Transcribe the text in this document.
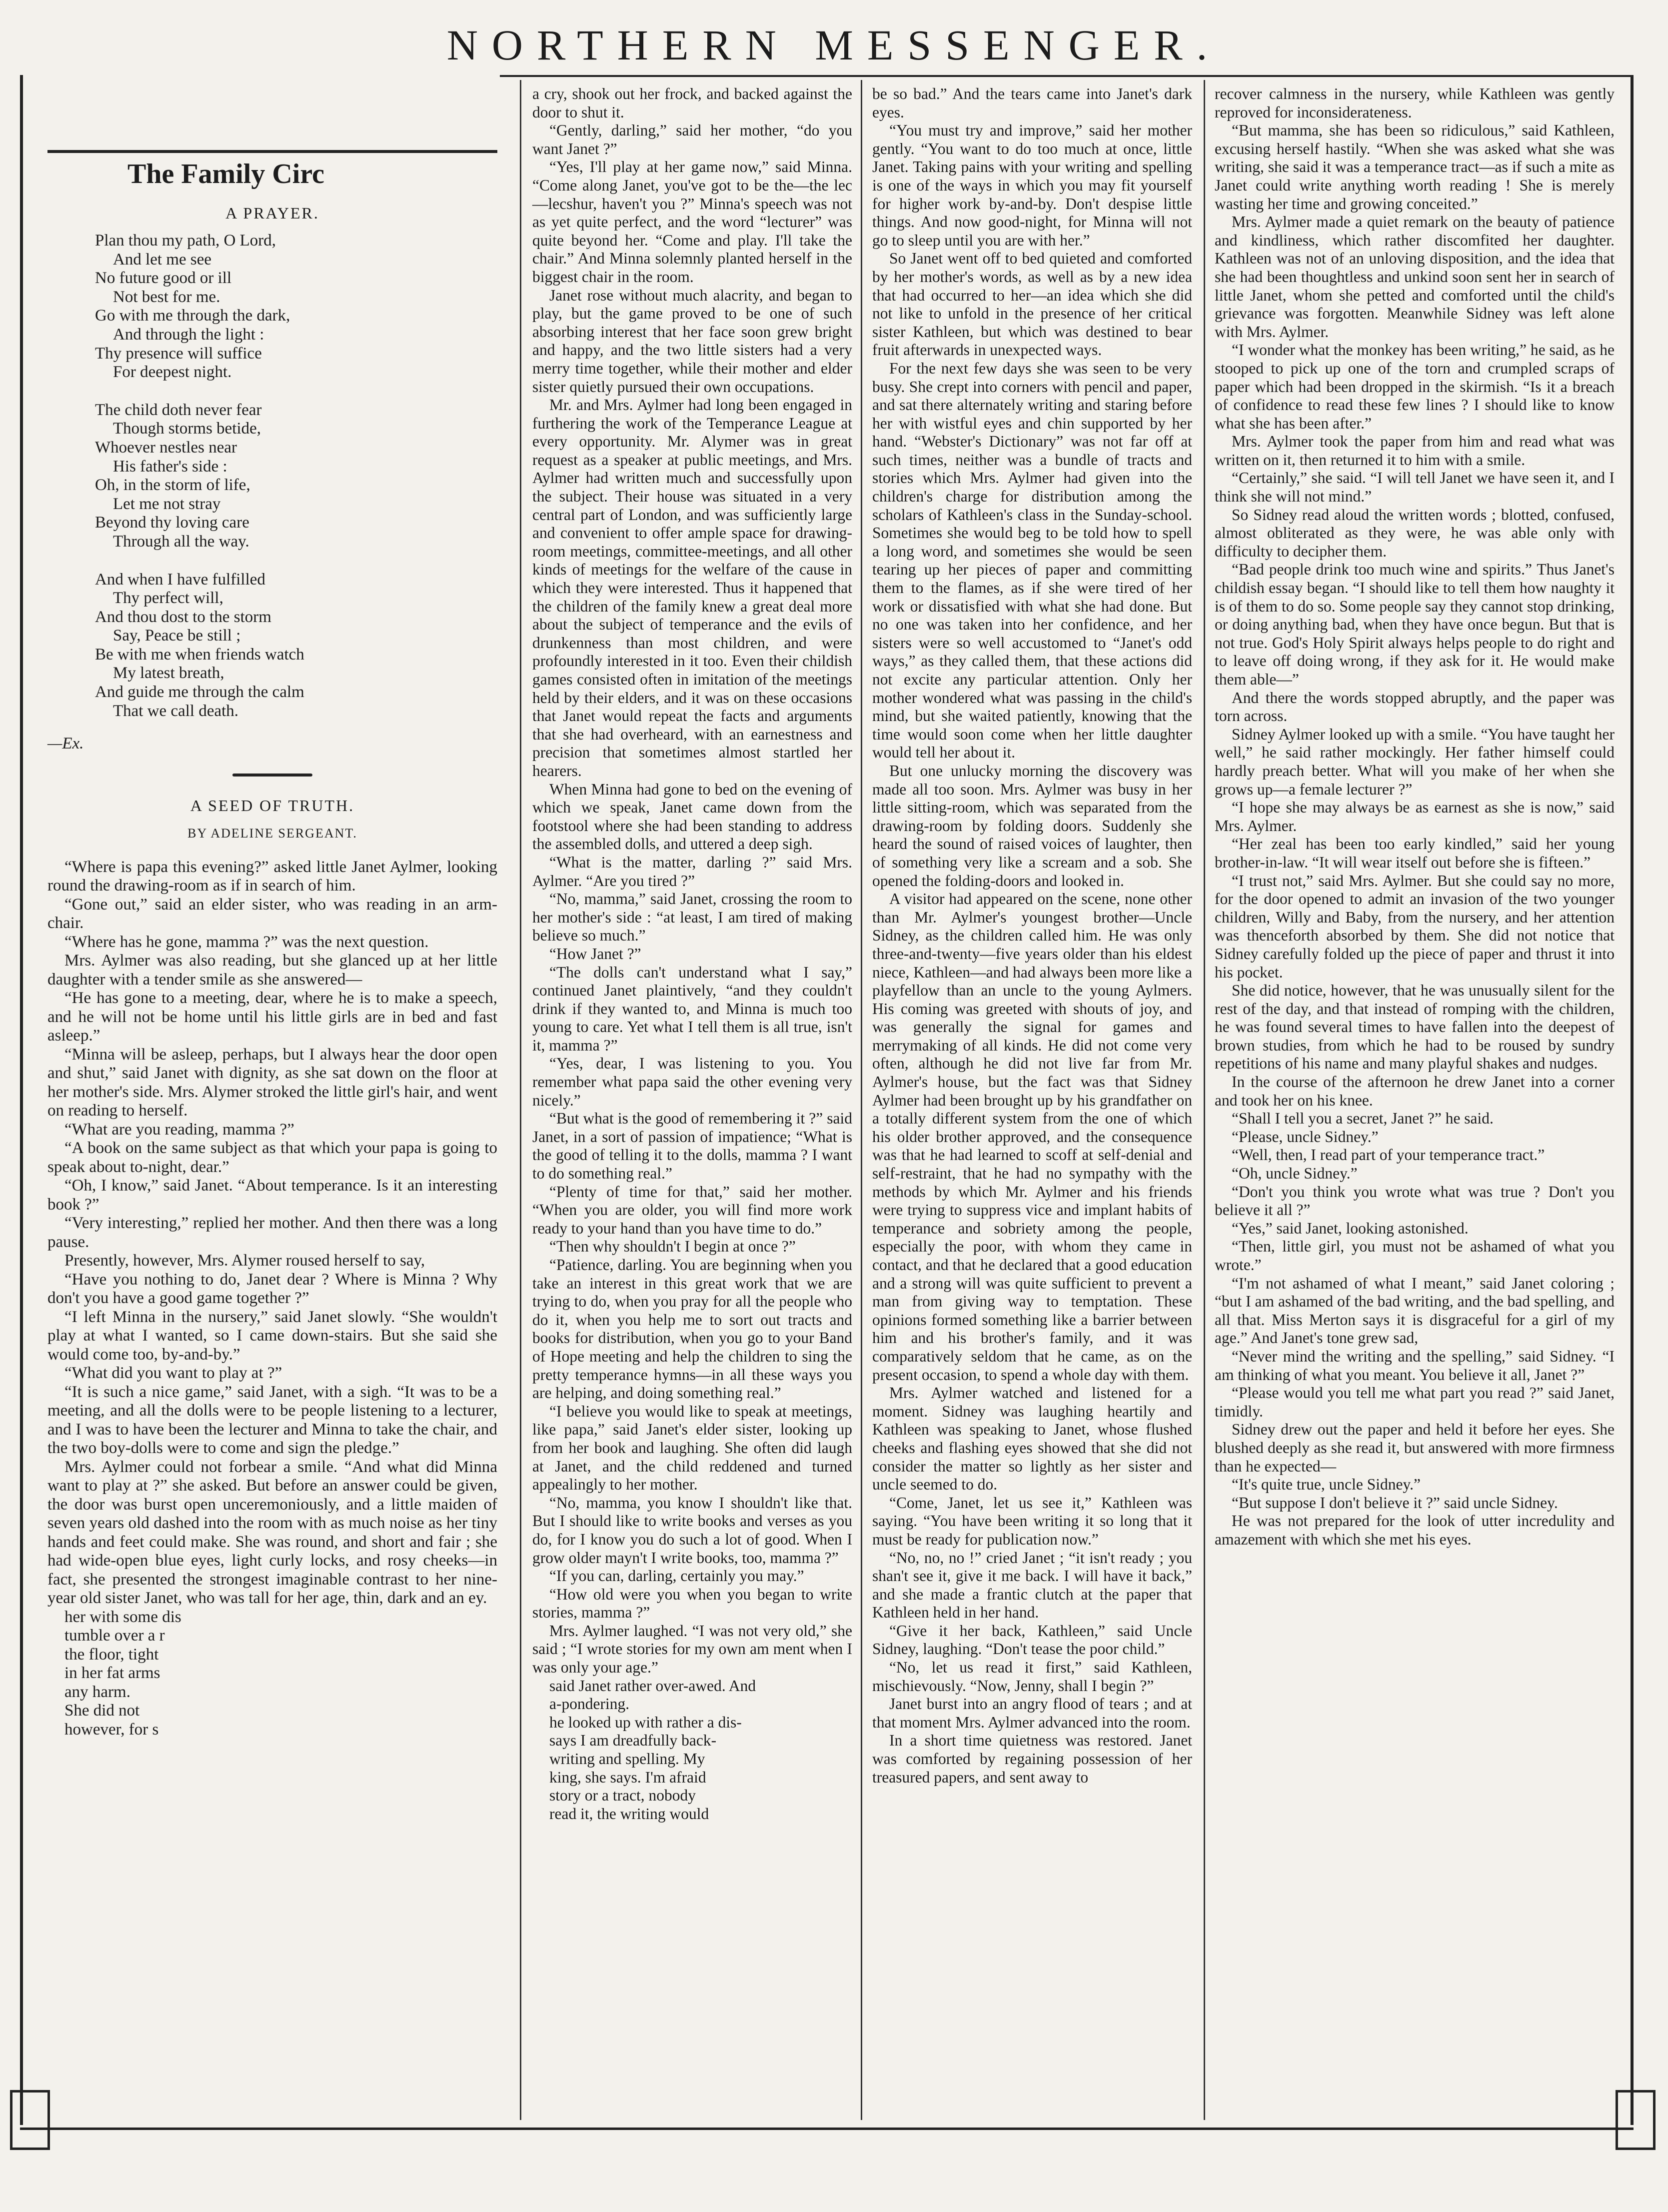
NORTHERN MESSENGER.
The Family Circ
A PRAYER.
Plan thou my path, O Lord,
And let me see
No future good or ill
Not best for me.
Go with me through the dark,
And through the light :
Thy presence will suffice
For deepest night.
The child doth never fear
Though storms betide,
Whoever nestles near
His father's side :
Oh, in the storm of life,
Let me not stray
Beyond thy loving care
Through all the way.
And when I have fulfilled
Thy perfect will,
And thou dost to the storm
Say, Peace be still ;
Be with me when friends watch
My latest breath,
And guide me through the calm
That we call death.
—Ex.
A SEED OF TRUTH.
BY ADELINE SERGEANT.

“Where is papa this evening?” asked little Janet Aylmer, looking round the drawing-room as if in search of him.

“Gone out,” said an elder sister, who was reading in an arm-chair.

“Where has he gone, mamma ?” was the next question.

Mrs. Aylmer was also reading, but she glanced up at her little daughter with a tender smile as she answered—

“He has gone to a meeting, dear, where he is to make a speech, and he will not be home until his little girls are in bed and fast asleep.”

“Minna will be asleep, perhaps, but I always hear the door open and shut,” said Janet with dignity, as she sat down on the floor at her mother's side. Mrs. Alymer stroked the little girl's hair, and went on reading to herself.

“What are you reading, mamma ?”

“A book on the same subject as that which your papa is going to speak about to-night, dear.”

“Oh, I know,” said Janet. “About temperance. Is it an interesting book ?”

“Very interesting,” replied her mother. And then there was a long pause.

Presently, however, Mrs. Alymer roused herself to say,

“Have you nothing to do, Janet dear ? Where is Minna ? Why don't you have a good game together ?”

“I left Minna in the nursery,” said Janet slowly. “She wouldn't play at what I wanted, so I came down-stairs. But she said she would come too, by-and-by.”

“What did you want to play at ?”

“It is such a nice game,” said Janet, with a sigh. “It was to be a meeting, and all the dolls were to be people listening to a lecturer, and I was to have been the lecturer and Minna to take the chair, and the two boy-dolls were to come and sign the pledge.”

Mrs. Aylmer could not forbear a smile. “And what did Minna want to play at ?” she asked. But before an answer could be given, the door was burst open unceremoniously, and a little maiden of seven years old dashed into the room with as much noise as her tiny hands and feet could make. She was round, and short and fair ; she had wide-open blue eyes, light curly locks, and rosy cheeks—in fact, she presented the strongest imaginable contrast to her nine-year old sister Janet, who was tall for her age, thin, dark and an ey.

her with some dis

tumble over a r

the floor, tight

in her fat arms

any harm.

She did not

however, for s

a cry, shook out her frock, and backed against the door to shut it.

“Gently, darling,” said her mother, “do you want Janet ?”

“Yes, I'll play at her game now,” said Minna. “Come along Janet, you've got to be the—the lec—lecshur, haven't you ?” Minna's speech was not as yet quite perfect, and the word “lecturer” was quite beyond her. “Come and play. I'll take the chair.” And Minna solemnly planted herself in the biggest chair in the room.

Janet rose without much alacrity, and began to play, but the game proved to be one of such absorbing interest that her face soon grew bright and happy, and the two little sisters had a very merry time together, while their mother and elder sister quietly pursued their own occupations.

Mr. and Mrs. Aylmer had long been engaged in furthering the work of the Temperance League at every opportunity. Mr. Alymer was in great request as a speaker at public meetings, and Mrs. Aylmer had written much and successfully upon the subject. Their house was situated in a very central part of London, and was sufficiently large and convenient to offer ample space for drawing-room meetings, committee-meetings, and all other kinds of meetings for the welfare of the cause in which they were interested. Thus it happened that the children of the family knew a great deal more about the subject of temperance and the evils of drunkenness than most children, and were profoundly interested in it too. Even their childish games consisted often in imitation of the meetings held by their elders, and it was on these occasions that Janet would repeat the facts and arguments that she had overheard, with an earnestness and precision that sometimes almost startled her hearers.

When Minna had gone to bed on the evening of which we speak, Janet came down from the footstool where she had been standing to address the assembled dolls, and uttered a deep sigh.

“What is the matter, darling ?” said Mrs. Aylmer. “Are you tired ?”

“No, mamma,” said Janet, crossing the room to her mother's side : “at least, I am tired of making believe so much.”

“How Janet ?”

“The dolls can't understand what I say,” continued Janet plaintively, “and they couldn't drink if they wanted to, and Minna is much too young to care. Yet what I tell them is all true, isn't it, mamma ?”

“Yes, dear, I was listening to you. You remember what papa said the other evening very nicely.”

“But what is the good of remembering it ?” said Janet, in a sort of passion of impatience; “What is the good of telling it to the dolls, mamma ? I want to do something real.”

“Plenty of time for that,” said her mother. “When you are older, you will find more work ready to your hand than you have time to do.”

“Then why shouldn't I begin at once ?”

“Patience, darling. You are beginning when you take an interest in this great work that we are trying to do, when you pray for all the people who do it, when you help me to sort out tracts and books for distribution, when you go to your Band of Hope meeting and help the children to sing the pretty temperance hymns—in all these ways you are helping, and doing something real.”

“I believe you would like to speak at meetings, like papa,” said Janet's elder sister, looking up from her book and laughing. She often did laugh at Janet, and the child reddened and turned appealingly to her mother.

“No, mamma, you know I shouldn't like that. But I should like to write books and verses as you do, for I know you do such a lot of good. When I grow older mayn't I write books, too, mamma ?”

“If you can, darling, certainly you may.”

“How old were you when you began to write stories, mamma ?”

Mrs. Aylmer laughed. “I was not very old,” she said ; “I wrote stories for my own am ment when I was only your age.”

said Janet rather over-awed. And

a-pondering.

he looked up with rather a dis-

says I am dreadfully back-

writing and spelling. My

king, she says. I'm afraid

story or a tract, nobody

read it, the writing would

be so bad.” And the tears came into Janet's dark eyes.

“You must try and improve,” said her mother gently. “You want to do too much at once, little Janet. Taking pains with your writing and spelling is one of the ways in which you may fit yourself for higher work by-and-by. Don't despise little things. And now good-night, for Minna will not go to sleep until you are with her.”

So Janet went off to bed quieted and comforted by her mother's words, as well as by a new idea that had occurred to her—an idea which she did not like to unfold in the presence of her critical sister Kathleen, but which was destined to bear fruit afterwards in unexpected ways.

For the next few days she was seen to be very busy. She crept into corners with pencil and paper, and sat there alternately writing and staring before her with wistful eyes and chin supported by her hand. “Webster's Dictionary” was not far off at such times, neither was a bundle of tracts and stories which Mrs. Aylmer had given into the children's charge for distribution among the scholars of Kathleen's class in the Sunday-school. Sometimes she would beg to be told how to spell a long word, and sometimes she would be seen tearing up her pieces of paper and committing them to the flames, as if she were tired of her work or dissatisfied with what she had done. But no one was taken into her confidence, and her sisters were so well accustomed to “Janet's odd ways,” as they called them, that these actions did not excite any particular attention. Only her mother wondered what was passing in the child's mind, but she waited patiently, knowing that the time would soon come when her little daughter would tell her about it.

But one unlucky morning the discovery was made all too soon. Mrs. Aylmer was busy in her little sitting-room, which was separated from the drawing-room by folding doors. Suddenly she heard the sound of raised voices of laughter, then of something very like a scream and a sob. She opened the folding-doors and looked in.

A visitor had appeared on the scene, none other than Mr. Aylmer's youngest brother—Uncle Sidney, as the children called him. He was only three-and-twenty—five years older than his eldest niece, Kathleen—and had always been more like a playfellow than an uncle to the young Aylmers. His coming was greeted with shouts of joy, and was generally the signal for games and merrymaking of all kinds. He did not come very often, although he did not live far from Mr. Aylmer's house, but the fact was that Sidney Aylmer had been brought up by his grandfather on a totally different system from the one of which his older brother approved, and the consequence was that he had learned to scoff at self-denial and self-restraint, that he had no sympathy with the methods by which Mr. Aylmer and his friends were trying to suppress vice and implant habits of temperance and sobriety among the people, especially the poor, with whom they came in contact, and that he declared that a good education and a strong will was quite sufficient to prevent a man from giving way to temptation. These opinions formed something like a barrier between him and his brother's family, and it was comparatively seldom that he came, as on the present occasion, to spend a whole day with them.

Mrs. Aylmer watched and listened for a moment. Sidney was laughing heartily and Kathleen was speaking to Janet, whose flushed cheeks and flashing eyes showed that she did not consider the matter so lightly as her sister and uncle seemed to do.

“Come, Janet, let us see it,” Kathleen was saying. “You have been writing it so long that it must be ready for publication now.”

“No, no, no !” cried Janet ; “it isn't ready ; you shan't see it, give it me back. I will have it back,” and she made a frantic clutch at the paper that Kathleen held in her hand.

“Give it her back, Kathleen,” said Uncle Sidney, laughing. “Don't tease the poor child.”

“No, let us read it first,” said Kathleen, mischievously. “Now, Jenny, shall I begin ?”

Janet burst into an angry flood of tears ; and at that moment Mrs. Aylmer advanced into the room.

In a short time quietness was restored. Janet was comforted by regaining possession of her treasured papers, and sent away to

recover calmness in the nursery, while Kathleen was gently reproved for inconsiderateness.

“But mamma, she has been so ridiculous,” said Kathleen, excusing herself hastily. “When she was asked what she was writing, she said it was a temperance tract—as if such a mite as Janet could write anything worth reading ! She is merely wasting her time and growing conceited.”

Mrs. Aylmer made a quiet remark on the beauty of patience and kindliness, which rather discomfited her daughter. Kathleen was not of an unloving disposition, and the idea that she had been thoughtless and unkind soon sent her in search of little Janet, whom she petted and comforted until the child's grievance was forgotten. Meanwhile Sidney was left alone with Mrs. Aylmer.

“I wonder what the monkey has been writing,” he said, as he stooped to pick up one of the torn and crumpled scraps of paper which had been dropped in the skirmish. “Is it a breach of confidence to read these few lines ? I should like to know what she has been after.”

Mrs. Aylmer took the paper from him and read what was written on it, then returned it to him with a smile.

“Certainly,” she said. “I will tell Janet we have seen it, and I think she will not mind.”

So Sidney read aloud the written words ; blotted, confused, almost obliterated as they were, he was able only with difficulty to decipher them.

“Bad people drink too much wine and spirits.” Thus Janet's childish essay began. “I should like to tell them how naughty it is of them to do so. Some people say they cannot stop drinking, or doing anything bad, when they have once begun. But that is not true. God's Holy Spirit always helps people to do right and to leave off doing wrong, if they ask for it. He would make them able—”

And there the words stopped abruptly, and the paper was torn across.

Sidney Aylmer looked up with a smile. “You have taught her well,” he said rather mockingly. Her father himself could hardly preach better. What will you make of her when she grows up—a female lecturer ?”

“I hope she may always be as earnest as she is now,” said Mrs. Aylmer.

“Her zeal has been too early kindled,” said her young brother-in-law. “It will wear itself out before she is fifteen.”

“I trust not,” said Mrs. Aylmer. But she could say no more, for the door opened to admit an invasion of the two younger children, Willy and Baby, from the nursery, and her attention was thenceforth absorbed by them. She did not notice that Sidney carefully folded up the piece of paper and thrust it into his pocket.

She did notice, however, that he was unusually silent for the rest of the day, and that instead of romping with the children, he was found several times to have fallen into the deepest of brown studies, from which he had to be roused by sundry repetitions of his name and many playful shakes and nudges.

In the course of the afternoon he drew Janet into a corner and took her on his knee.

“Shall I tell you a secret, Janet ?” he said.

“Please, uncle Sidney.”

“Well, then, I read part of your temperance tract.”

“Oh, uncle Sidney.”

“Don't you think you wrote what was true ? Don't you believe it all ?”

“Yes,” said Janet, looking astonished.

“Then, little girl, you must not be ashamed of what you wrote.”

“I'm not ashamed of what I meant,” said Janet coloring ; “but I am ashamed of the bad writing, and the bad spelling, and all that. Miss Merton says it is disgraceful for a girl of my age.” And Janet's tone grew sad,

“Never mind the writing and the spelling,” said Sidney. “I am thinking of what you meant. You believe it all, Janet ?”

“Please would you tell me what part you read ?” said Janet, timidly.

Sidney drew out the paper and held it before her eyes. She blushed deeply as she read it, but answered with more firmness than he expected—

“It's quite true, uncle Sidney.”

“But suppose I don't believe it ?” said uncle Sidney.

He was not prepared for the look of utter incredulity and amazement with which she met his eyes.
